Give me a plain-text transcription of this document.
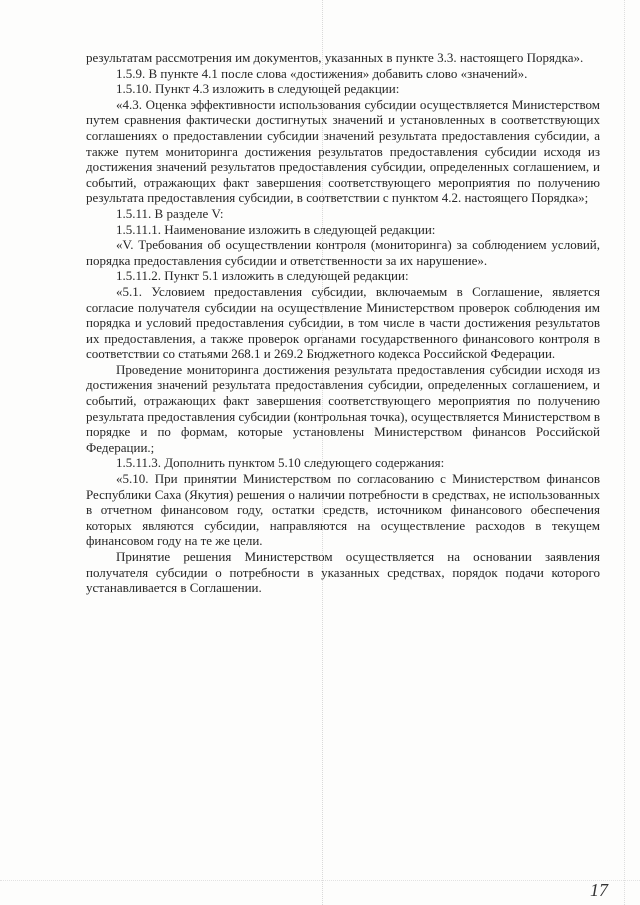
результатам рассмотрения им документов, указанных в пункте 3.3. настоящего Порядка».

1.5.9. В пункте 4.1 после слова «достижения» добавить слово «значений».

1.5.10. Пункт 4.3 изложить в следующей редакции:

«4.3. Оценка эффективности использования субсидии осуществляется Министерством путем сравнения фактически достигнутых значений и установленных в соответствующих соглашениях о предоставлении субсидии значений результата предоставления субсидии, а также путем мониторинга достижения результатов предоставления субсидии исходя из достижения значений результатов предоставления субсидии, определенных соглашением, и событий, отражающих факт завершения соответствующего мероприятия по получению результата предоставления субсидии, в соответствии с пунктом 4.2. настоящего Порядка»;

1.5.11. В разделе V:

1.5.11.1. Наименование изложить в следующей редакции:

«V. Требования об осуществлении контроля (мониторинга) за соблюдением условий, порядка предоставления субсидии и ответственности за их нарушение».

1.5.11.2. Пункт 5.1 изложить в следующей редакции:

«5.1. Условием предоставления субсидии, включаемым в Соглашение, является согласие получателя субсидии на осуществление Министерством проверок соблюдения им порядка и условий предоставления субсидии, в том числе в части достижения результатов их предоставления, а также проверок органами государственного финансового контроля в соответствии со статьями 268.1 и 269.2 Бюджетного кодекса Российской Федерации.

Проведение мониторинга достижения результата предоставления субсидии исходя из достижения значений результата предоставления субсидии, определенных соглашением, и событий, отражающих факт завершения соответствующего мероприятия по получению результата предоставления субсидии (контрольная точка), осуществляется Министерством в порядке и по формам, которые установлены Министерством финансов Российской Федерации.;

1.5.11.3. Дополнить пунктом 5.10 следующего содержания:

«5.10. При принятии Министерством по согласованию с Министерством финансов Республики Саха (Якутия) решения о наличии потребности в средствах, не использованных в отчетном финансовом году, остатки средств, источником финансового обеспечения которых являются субсидии, направляются на осуществление расходов в текущем финансовом году на те же цели.

Принятие решения Министерством осуществляется на основании заявления получателя субсидии о потребности в указанных средствах, порядок подачи которого устанавливается в Соглашении.

17
